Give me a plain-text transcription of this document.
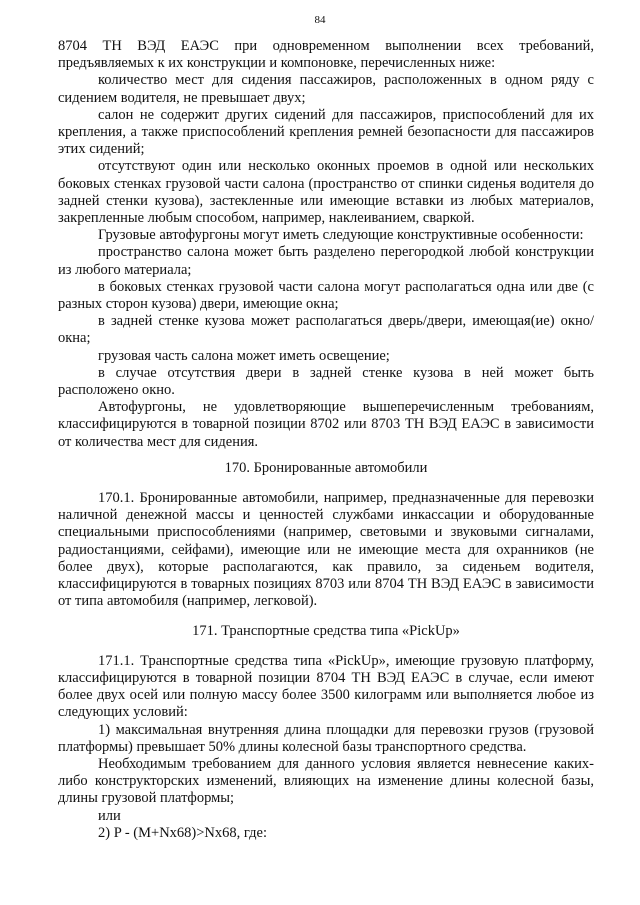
84

8704 ТН ВЭД ЕАЭС при одновременном выполнении всех требований, предъявляемых к их конструкции и компоновке, перечисленных ниже:

количество мест для сидения пассажиров, расположенных в одном ряду с сидением водителя, не превышает двух;

салон не содержит других сидений для пассажиров, приспособлений для их крепления, а также приспособлений крепления ремней безопасности для пассажиров этих сидений;

отсутствуют один или несколько оконных проемов в одной или нескольких боковых стенках грузовой части салона (пространство от спинки сиденья водителя до задней стенки кузова), застекленные или имеющие вставки из любых материалов, закрепленные любым способом, например, наклеиванием, сваркой.

Грузовые автофургоны могут иметь следующие конструктивные особенности:

пространство салона может быть разделено перегородкой любой конструкции из любого материала;

в боковых стенках грузовой части салона могут располагаться одна или две (с разных сторон кузова) двери, имеющие окна;

в задней стенке кузова может располагаться дверь/двери, имеющая(ие) окно/окна;

грузовая часть салона может иметь освещение;

в случае отсутствия двери в задней стенке кузова в ней может быть расположено окно.

Автофургоны, не удовлетворяющие вышеперечисленным требованиям, классифицируются в товарной позиции 8702 или 8703 ТН ВЭД ЕАЭС в зависимости от количества мест для сидения.

170. Бронированные автомобили

170.1. Бронированные автомобили, например, предназначенные для перевозки наличной денежной массы и ценностей службами инкассации и оборудованные специальными приспособлениями (например, световыми и звуковыми сигналами, радиостанциями, сейфами), имеющие или не имеющие места для охранников (не более двух), которые располагаются, как правило, за сиденьем водителя, классифицируются в товарных позициях 8703 или 8704 ТН ВЭД ЕАЭС в зависимости от типа автомобиля (например, легковой).

171. Транспортные средства типа «PickUp»

171.1. Транспортные средства типа «PickUp», имеющие грузовую платформу, классифицируются в товарной позиции 8704 ТН ВЭД ЕАЭС в случае, если имеют более двух осей или полную массу более 3500 килограмм или выполняется любое из следующих условий:

1) максимальная внутренняя длина площадки для перевозки грузов (грузовой платформы) превышает 50% длины колесной базы транспортного средства.

Необходимым требованием для данного условия является невнесение каких-либо конструкторских изменений, влияющих на изменение длины колесной базы, длины грузовой платформы;

или

2) P - (M+Nx68)>Nx68, где:
